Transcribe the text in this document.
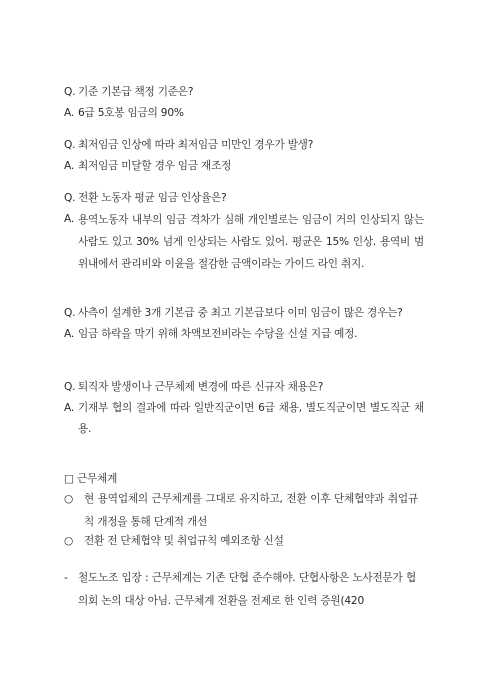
Q. 기준 기본급 책정 기준은?
A. 6급 5호봉 임금의 90%
Q. 최저임금 인상에 따라 최저임금 미만인 경우가 발생?
A. 최저임금 미달할 경우 임금 재조정
Q. 전환 노동자 평균 임금 인상율은?
A. 용역노동자 내부의 임금 격차가 심해 개인별로는 임금이 거의 인상되지 않는 사람도 있고 30% 넘게 인상되는 사람도 있어. 평균은 15% 인상. 용역비 범위내에서 관리비와 이윤을 절감한 금액이라는 가이드 라인 취지.
Q. 사측이 설계한 3개 기본급 중 최고 기본급보다 이미 임금이 많은 경우는?
A. 임금 하락을 막기 위해 차액보전비라는 수당을 신설 지급 예정.
Q. 퇴직자 발생이나 근무체제 변경에 따른 신규자 채용은?
A. 기재부 협의 결과에 따라 일반직군이면 6급 채용, 별도직군이면 별도직군 채용.
□ 근무체계
○	현 용역업체의 근무체계를 그대로 유지하고, 전환 이후 단체협약과 취업규칙 개정을 통해 단계적 개선
○	전환 전 단체협약 및 취업규칙 예외조항 신설
- 철도노조 입장 : 근무체계는 기존 단협 준수해야. 단협사항은 노사전문가 협의회 논의 대상 아님. 근무체계 전환을 전제로 한 인력 증원(420
